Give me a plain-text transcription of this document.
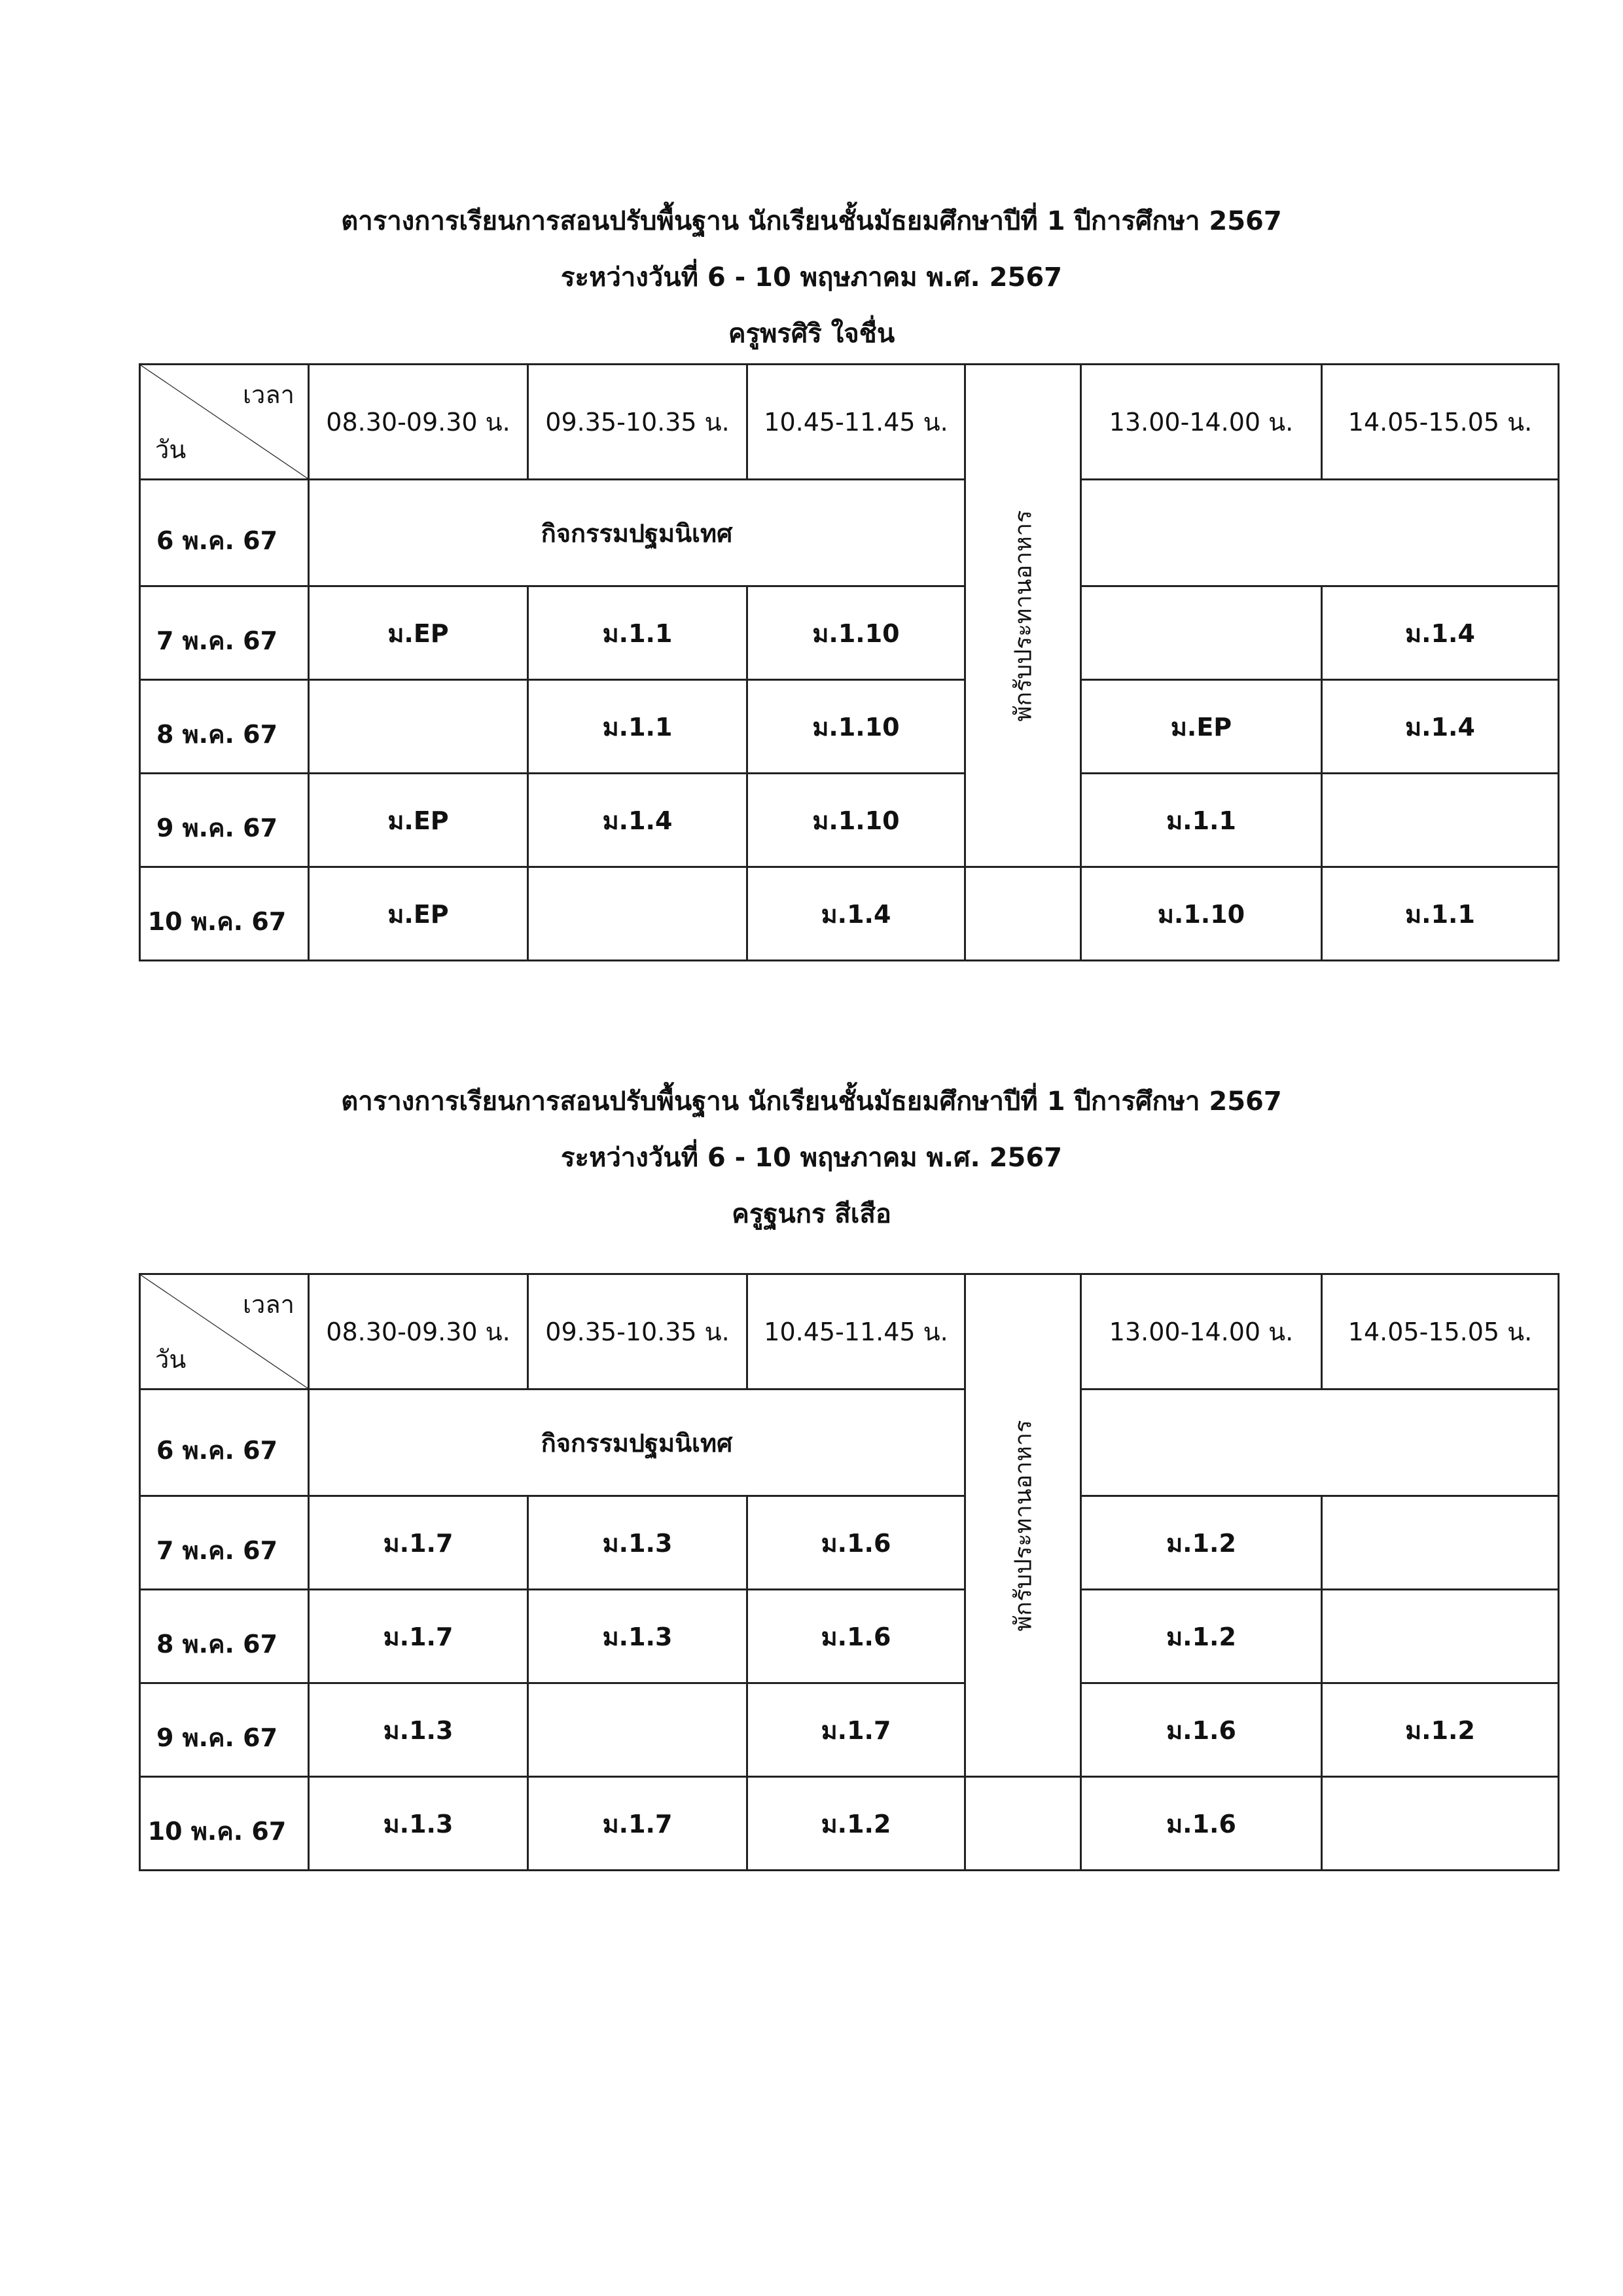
ตารางการเรียนการสอนปรับพื้นฐาน นักเรียนชั้นมัธยมศึกษาปีที่ 1 ปีการศึกษา 2567
ระหว่างวันที่ 6 - 10 พฤษภาคม พ.ศ. 2567
ครูพรศิริ ใจชื่น
เวลา
วัน	08.30-09.30 น.	09.35-10.35 น.	10.45-11.45 น.	พักรับประทานอาหาร	13.00-14.00 น.	14.05-15.05 น.
6 พ.ค. 67	กิจกรรมปฐมนิเทศ					
7 พ.ค. 67	ม.EP	ม.1.1	ม.1.10			ม.1.4
8 พ.ค. 67		ม.1.1	ม.1.10		ม.EP	ม.1.4
9 พ.ค. 67	ม.EP	ม.1.4	ม.1.10		ม.1.1	
10 พ.ค. 67	ม.EP		ม.1.4		ม.1.10	ม.1.1
ตารางการเรียนการสอนปรับพื้นฐาน นักเรียนชั้นมัธยมศึกษาปีที่ 1 ปีการศึกษา 2567
ระหว่างวันที่ 6 - 10 พฤษภาคม พ.ศ. 2567
ครูฐนกร สีเสือ
เวลา
วัน	08.30-09.30 น.	09.35-10.35 น.	10.45-11.45 น.	พักรับประทานอาหาร	13.00-14.00 น.	14.05-15.05 น.
6 พ.ค. 67	กิจกรรมปฐมนิเทศ					
7 พ.ค. 67	ม.1.7	ม.1.3	ม.1.6		ม.1.2	
8 พ.ค. 67	ม.1.7	ม.1.3	ม.1.6		ม.1.2	
9 พ.ค. 67	ม.1.3		ม.1.7		ม.1.6	ม.1.2
10 พ.ค. 67	ม.1.3	ม.1.7	ม.1.2		ม.1.6	
